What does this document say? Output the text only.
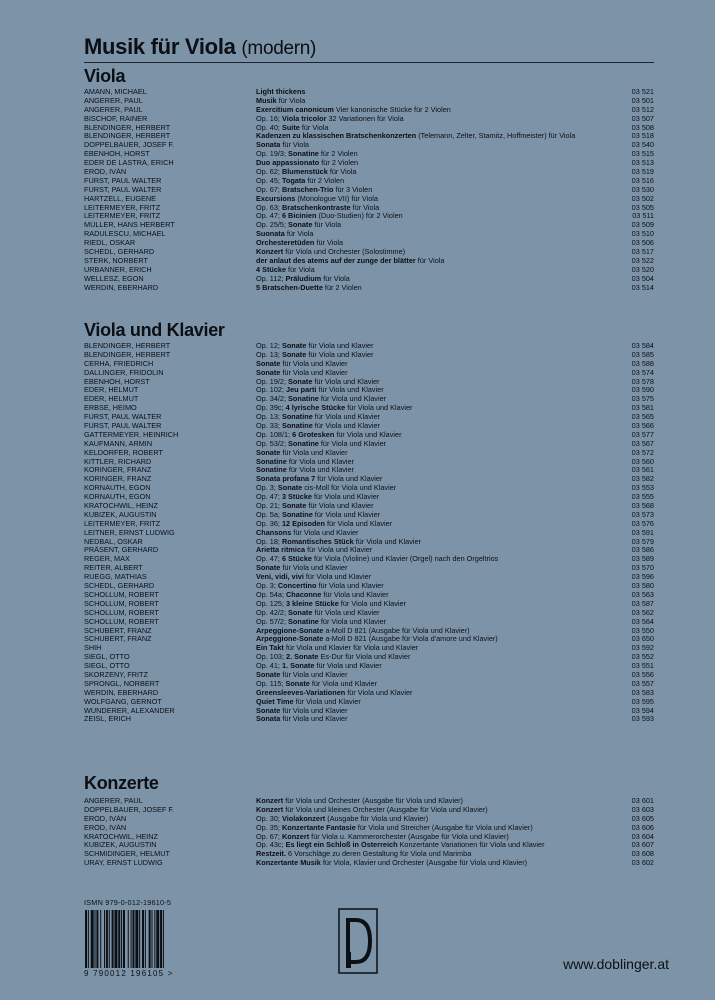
Musik für Viola (modern)
Viola
AMANN, MICHAEL	Light thickens	03 521
ANGERER, PAUL	Musik für Viola	03 501
ANGERER, PAUL	Exercitium canonicum Vier kanonische Stücke für 2 Violen	03 512
BISCHOF, RAINER	Op. 16; Viola tricolor 32 Variationen für Viola	03 507
BLENDINGER, HERBERT	Op. 40; Suite für Viola	03 508
BLENDINGER, HERBERT	Kadenzen zu klassischen Bratschenkonzerten (Telemann, Zelter, Stamitz, Hoffmeister) für Viola	03 518
DOPPELBAUER, JOSEF F.	Sonata für Viola	03 540
EBENHÖH, HORST	Op. 19/3; Sonatine für 2 Violen	03 515
EDER DE LASTRA, ERICH	Duo appassionato für 2 Violen	03 513
ERÖD, IVÁN	Op. 62; Blumenstück für Viola	03 519
FÜRST, PAUL WALTER	Op. 45; Togata für 2 Violen	03 516
FÜRST, PAUL WALTER	Op. 67; Bratschen-Trio für 3 Violen	03 530
HARTZELL, EUGENE	Excursions (Monologue VII) für Viola	03 502
LEITERMEYER, FRITZ	Op. 63; Bratschenkontraste für Viola	03 505
LEITERMEYER, FRITZ	Op. 47; 6 Bicinien (Duo-Studien) für 2 Violen	03 511
MÜLLER, HANS HERBERT	Op. 25/5; Sonate für Viola	03 509
RADULESCU, MICHAEL	Suonata für Viola	03 510
RIEDL, OSKAR	Orchesteretüden für Viola	03 506
SCHEDL, GERHARD	Konzert für Viola und Orchester (Solostimme)	03 517
STERK, NORBERT	der anlaut des atems auf der zunge der blätter für Viola	03 522
URBANNER, ERICH	4 Stücke für Viola	03 520
WELLESZ, EGON	Op. 112; Präludium für Viola	03 504
WERDIN, EBERHARD	5 Bratschen-Duette für 2 Violen	03 514
Viola und Klavier
BLENDINGER, HERBERT	Op. 12; Sonate für Viola und Klavier	03 584
BLENDINGER, HERBERT	Op. 13; Sonate für Viola und Klavier	03 585
CERHA, FRIEDRICH	Sonate für Viola und Klavier	03 588
DALLINGER, FRIDOLIN	Sonate für Viola und Klavier	03 574
EBENHÖH, HORST	Op. 19/2; Sonate für Viola und Klavier	03 578
EDER, HELMUT	Op. 102; Jeu parti für Viola und Klavier	03 590
EDER, HELMUT	Op. 34/2; Sonatine für Viola und Klavier	03 575
ERBSE, HEIMO	Op. 39c; 4 lyrische Stücke für Viola und Klavier	03 581
FÜRST, PAUL WALTER	Op. 13; Sonatine für Viola und Klavier	03 565
FÜRST, PAUL WALTER	Op. 33; Sonatine für Viola und Klavier	03 566
GATTERMEYER, HEINRICH	Op. 108/1; 6 Grotesken für Viola und Klavier	03 577
KAUFMANN, ARMIN	Op. 53/2; Sonatine für Viola und Klavier	03 567
KELDORFER, ROBERT	Sonate für Viola und Klavier	03 572
KITTLER, RICHARD	Sonatine für Viola und Klavier	03 560
KORINGER, FRANZ	Sonatine für Viola und Klavier	03 561
KORINGER, FRANZ	Sonata profana 7 für Viola und Klavier	03 582
KORNAUTH, EGON	Op. 3; Sonate cis-Moll für Viola und Klavier	03 553
KORNAUTH, EGON	Op. 47; 3 Stücke für Viola und Klavier	03 555
KRATOCHWIL, HEINZ	Op. 21; Sonate für Viola und Klavier	03 568
KUBIZEK, AUGUSTIN	Op. 5a; Sonatine für Viola und Klavier	03 573
LEITERMEYER, FRITZ	Op. 36; 12 Episoden für Viola und Klavier	03 576
LEITNER, ERNST LUDWIG	Chansons für Viola und Klavier	03 591
NEDBAL, OSKAR	Op. 18; Romantisches Stück für Viola und Klavier	03 579
PRÄSENT, GERHARD	Arietta ritmica für Viola und Klavier	03 586
REGER, MAX	Op. 47; 6 Stücke für Viola (Violine) und Klavier (Orgel) nach den Orgeltrios	03 589
REITER, ALBERT	Sonate für Viola und Klavier	03 570
RUEGG, MATHIAS	Veni, vidi, vivi für Viola und Klavier	03 596
SCHEDL, GERHARD	Op. 3; Concertino für Viola und Klavier	03 580
SCHOLLUM, ROBERT	Op. 54a; Chaconne für Viola und Klavier	03 563
SCHOLLUM, ROBERT	Op. 125; 3 kleine Stücke für Viola und Klavier	03 587
SCHOLLUM, ROBERT	Op. 42/2; Sonate für Viola und Klavier	03 562
SCHOLLUM, ROBERT	Op. 57/2; Sonatine für Viola und Klavier	03 564
SCHUBERT, FRANZ	Arpeggione-Sonate a-Moll D 821 (Ausgabe für Viola und Klavier)	03 550
SCHUBERT, FRANZ	Arpeggione-Sonate a-Moll D 821 (Ausgabe für Viola d'amore und Klavier)	03 650
SHIH	Ein Takt für Viola und Klavier für Viola und Klavier	03 592
SIEGL, OTTO	Op. 103; 2. Sonate Es-Dur für Viola und Klavier	03 552
SIEGL, OTTO	Op. 41; 1. Sonate für Viola und Klavier	03 551
SKORZENY, FRITZ	Sonate für Viola und Klavier	03 556
SPRONGL, NORBERT	Op. 115; Sonate für Viola und Klavier	03 557
WERDIN, EBERHARD	Greensleeves-Variationen für Viola und Klavier	03 583
WOLFGANG, GERNOT	Quiet Time für Viola und Klavier	03 595
WUNDERER, ALEXANDER	Sonate für Viola und Klavier	03 594
ZEISL, ERICH	Sonata für Viola und Klavier	03 593
Konzerte
ANGERER, PAUL	Konzert für Viola und Orchester (Ausgabe für Viola und Klavier)	03 601
DOPPELBAUER, JOSEF F.	Konzert für Viola und kleines Orchester (Ausgabe für Viola und Klavier)	03 603
ERÖD, IVÁN	Op. 30; Violakonzert (Ausgabe für Viola und Klavier)	03 605
ERÖD, IVÁN	Op. 35; Konzertante Fantasie für Viola und Streicher (Ausgabe für Viola und Klavier)	03 606
KRATOCHWIL, HEINZ	Op. 67; Konzert für Viola u. Kammerorchester (Ausgabe für Viola und Klavier)	03 604
KUBIZEK, AUGUSTIN	Op. 43c; Es liegt ein Schloß in Österreich Konzertante Variationen für Viola und Klavier	03 607
SCHMIDINGER, HELMUT	Restzeit. 6 Vorschläge zu deren Gestaltung für Viola und Marimba	03 608
URAY, ERNST LUDWIG	Konzertante Musik für Viola, Klavier und Orchester (Ausgabe für Viola und Klavier)	03 602
ISMN 979-0-012-19610-5
9 790012 196105 >
www.doblinger.at
